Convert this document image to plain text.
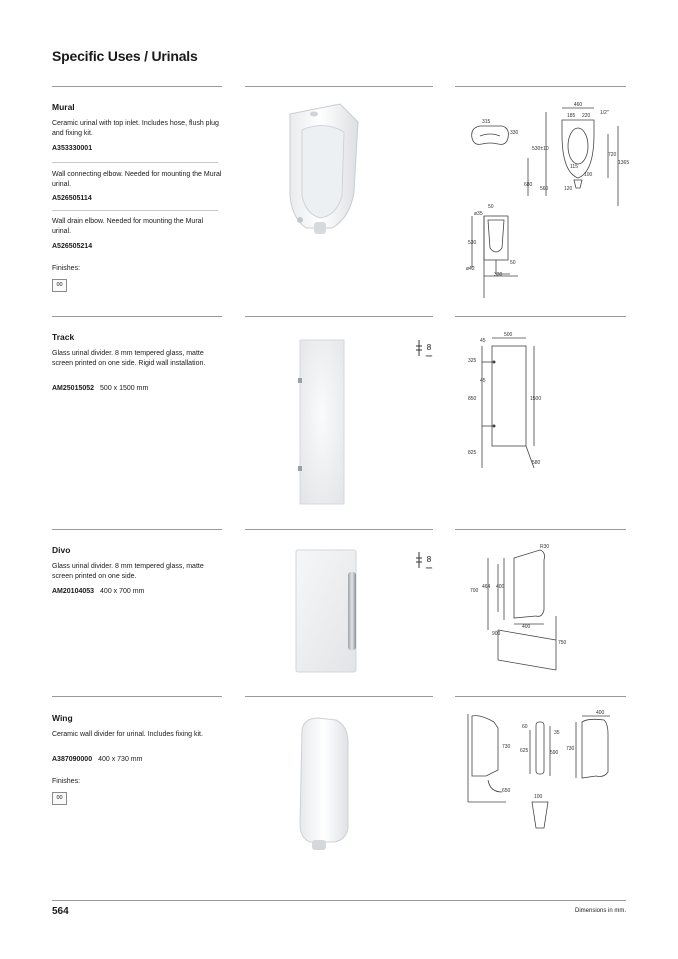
Specific Uses / Urinals
Mural
Ceramic urinal with top inlet. Includes hose, flush plug and fixing kit.
A353330001
Wall connecting elbow. Needed for mounting the Mural urinal.
A526505114
Wall drain elbow. Needed for mounting the Mural urinal.
A526505214
Finishes:
00
460
1/2"
315
185 220
330
530±10
720
1365
115
100
680
560	120
50
ø35
530
ø42
330
50
Track
Glass urinal divider. 8 mm tempered glass, matte screen printed on one side. Rigid wall installation.
AM25015052 500 x 1500 mm
8
mm
45
500
325
45
850	1500
825
580
Divo
Glass urinal divider. 8 mm tempered glass, matte screen printed on one side.
AM20104053 400 x 700 mm
8
mm
R30
700
464 400
400
900
750
Wing
Ceramic wall divider for urinal. Includes fixing kit.
A387090000 400 x 730 mm
Finishes:
00
400
730
60
35
625	590
730
650
100
564	Dimensions in mm.
